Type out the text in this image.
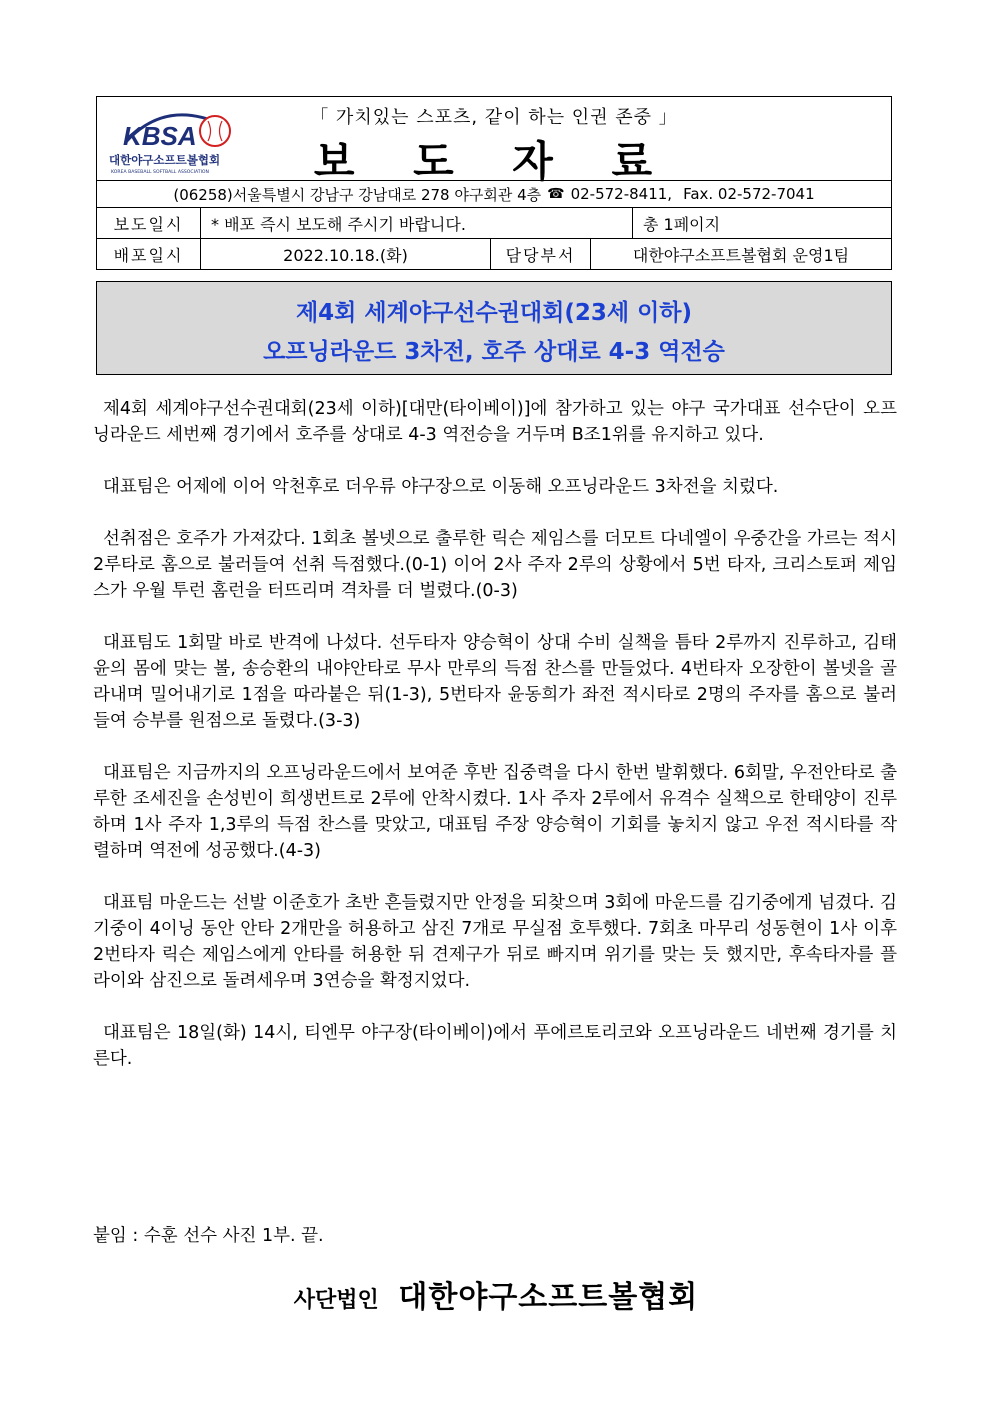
KBSA
대한야구소프트볼협회
KOREA BASEBALL SOFTBALL ASSOCIATION
「 가치있는 스포츠, 같이 하는 인권 존중 」
보 도 자 료
(06258)서울특별시 강남구 강남대로 278 야구회관 4층 ☎ 02-572-8411, Fax. 02-572-7041
보도일시	* 배포 즉시 보도해 주시기 바랍니다.	총 1페이지
배포일시	2022.10.18.(화)	담당부서	대한야구소프트볼협회 운영1팀
제4회 세계야구선수권대회(23세 이하)
오프닝라운드 3차전, 호주 상대로 4-3 역전승

제4회 세계야구선수권대회(23세 이하)[대만(타이베이)]에 참가하고 있는 야구 국가대표 선수단이 오프닝라운드 세번째 경기에서 호주를 상대로 4-3 역전승을 거두며 B조1위를 유지하고 있다.

대표팀은 어제에 이어 악천후로 더우류 야구장으로 이동해 오프닝라운드 3차전을 치렀다.

선취점은 호주가 가져갔다. 1회초 볼넷으로 출루한 릭슨 제임스를 더모트 다네엘이 우중간을 가르는 적시 2루타로 홈으로 불러들여 선취 득점했다.(0-1) 이어 2사 주자 2루의 상황에서 5번 타자, 크리스토퍼 제임스가 우월 투런 홈런을 터뜨리며 격차를 더 벌렸다.(0-3)

대표팀도 1회말 바로 반격에 나섰다. 선두타자 양승혁이 상대 수비 실책을 틈타 2루까지 진루하고, 김태윤의 몸에 맞는 볼, 송승환의 내야안타로 무사 만루의 득점 찬스를 만들었다. 4번타자 오장한이 볼넷을 골라내며 밀어내기로 1점을 따라붙은 뒤(1-3), 5번타자 윤동희가 좌전 적시타로 2명의 주자를 홈으로 불러들여 승부를 원점으로 돌렸다.(3-3)

대표팀은 지금까지의 오프닝라운드에서 보여준 후반 집중력을 다시 한번 발휘했다. 6회말, 우전안타로 출루한 조세진을 손성빈이 희생번트로 2루에 안착시켰다. 1사 주자 2루에서 유격수 실책으로 한태양이 진루하며 1사 주자 1,3루의 득점 찬스를 맞았고, 대표팀 주장 양승혁이 기회를 놓치지 않고 우전 적시타를 작렬하며 역전에 성공했다.(4-3)

대표팀 마운드는 선발 이준호가 초반 흔들렸지만 안정을 되찾으며 3회에 마운드를 김기중에게 넘겼다. 김기중이 4이닝 동안 안타 2개만을 허용하고 삼진 7개로 무실점 호투했다. 7회초 마무리 성동현이 1사 이후 2번타자 릭슨 제임스에게 안타를 허용한 뒤 견제구가 뒤로 빠지며 위기를 맞는 듯 했지만, 후속타자를 플라이와 삼진으로 돌려세우며 3연승을 확정지었다.

대표팀은 18일(화) 14시, 티엔무 야구장(타이베이)에서 푸에르토리코와 오프닝라운드 네번째 경기를 치른다.

붙임 : 수훈 선수 사진 1부. 끝.
사단법인 대한야구소프트볼협회
